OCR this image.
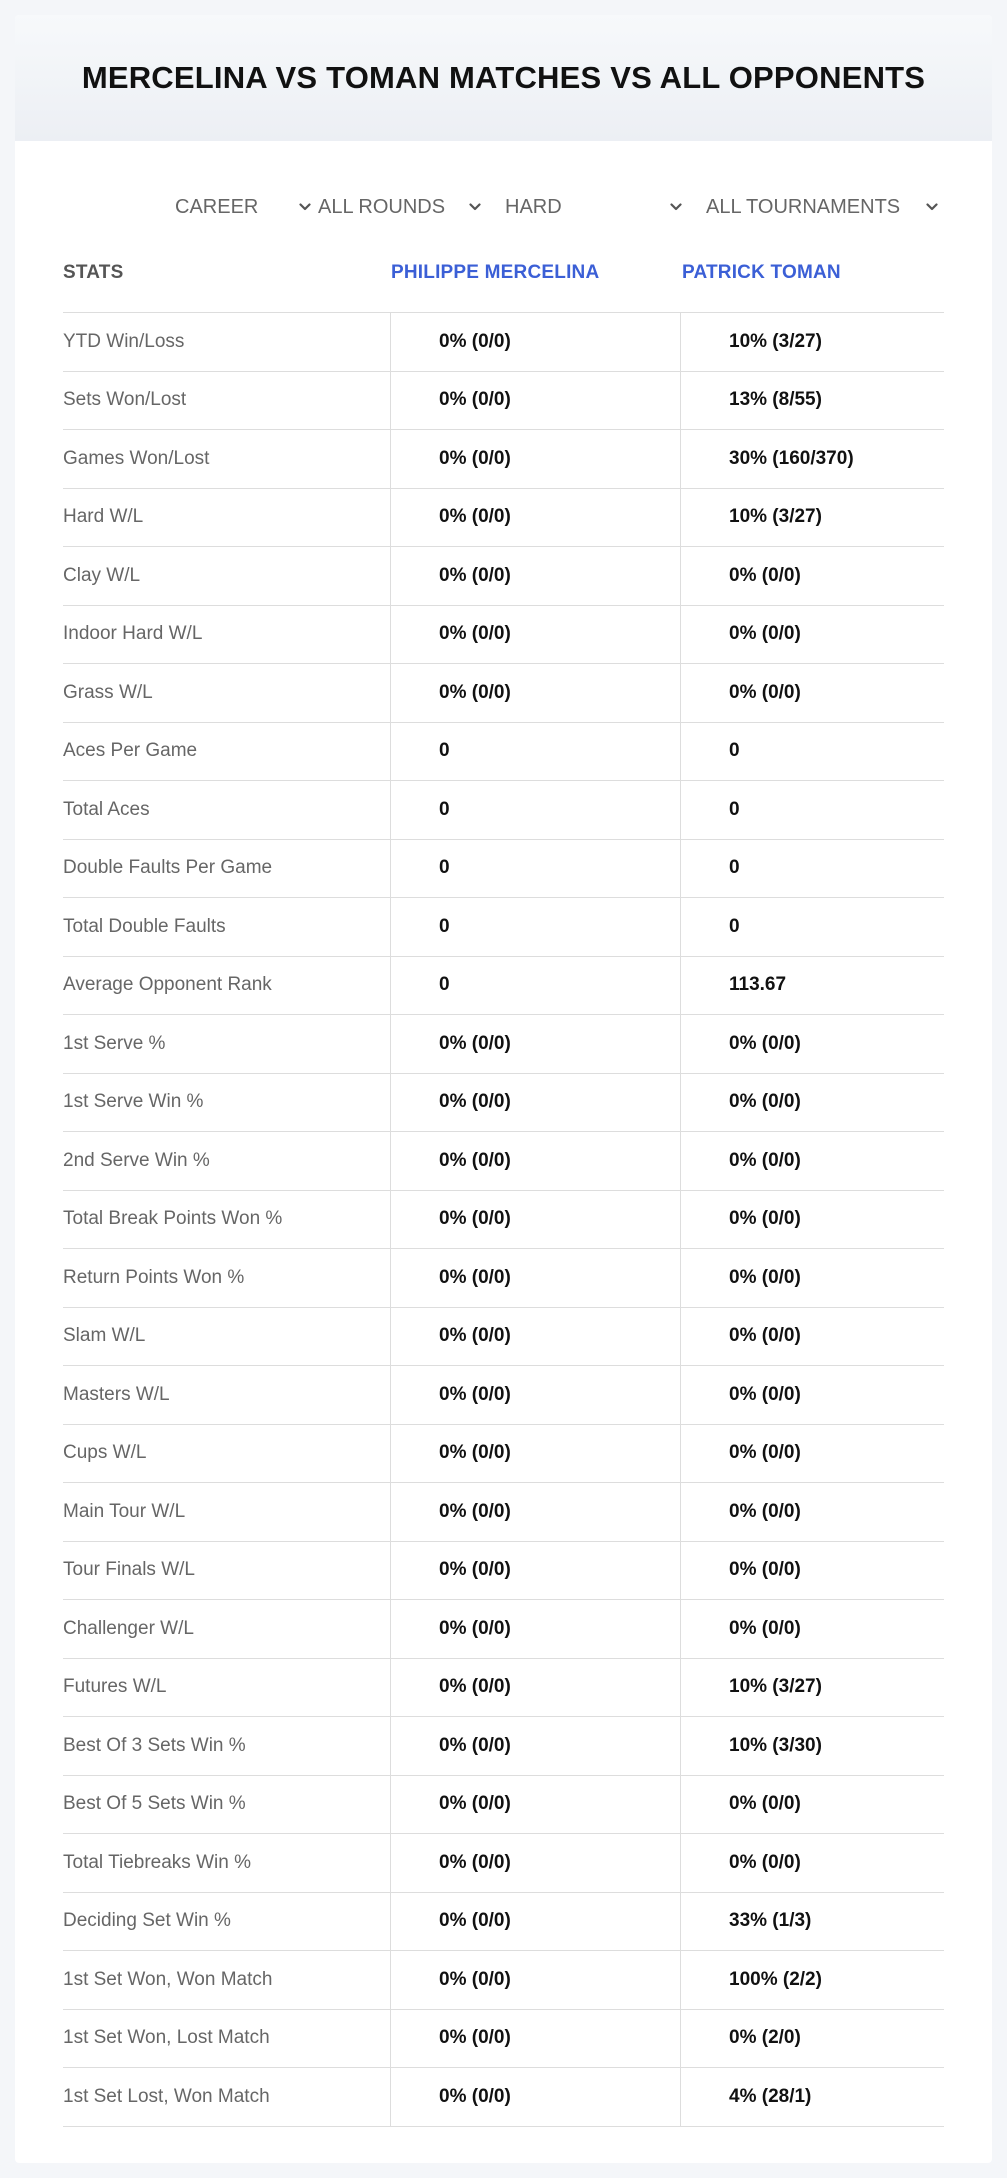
MERCELINA VS TOMAN MATCHES VS ALL OPPONENTS
CAREER	ALL ROUNDS	HARD	ALL TOURNAMENTS
STATS	PHILIPPE MERCELINA	PATRICK TOMAN
YTD Win/Loss	0% (0/0)	10% (3/27)
Sets Won/Lost	0% (0/0)	13% (8/55)
Games Won/Lost	0% (0/0)	30% (160/370)
Hard W/L	0% (0/0)	10% (3/27)
Clay W/L	0% (0/0)	0% (0/0)
Indoor Hard W/L	0% (0/0)	0% (0/0)
Grass W/L	0% (0/0)	0% (0/0)
Aces Per Game	0	0
Total Aces	0	0
Double Faults Per Game	0	0
Total Double Faults	0	0
Average Opponent Rank	0	113.67
1st Serve %	0% (0/0)	0% (0/0)
1st Serve Win %	0% (0/0)	0% (0/0)
2nd Serve Win %	0% (0/0)	0% (0/0)
Total Break Points Won %	0% (0/0)	0% (0/0)
Return Points Won %	0% (0/0)	0% (0/0)
Slam W/L	0% (0/0)	0% (0/0)
Masters W/L	0% (0/0)	0% (0/0)
Cups W/L	0% (0/0)	0% (0/0)
Main Tour W/L	0% (0/0)	0% (0/0)
Tour Finals W/L	0% (0/0)	0% (0/0)
Challenger W/L	0% (0/0)	0% (0/0)
Futures W/L	0% (0/0)	10% (3/27)
Best Of 3 Sets Win %	0% (0/0)	10% (3/30)
Best Of 5 Sets Win %	0% (0/0)	0% (0/0)
Total Tiebreaks Win %	0% (0/0)	0% (0/0)
Deciding Set Win %	0% (0/0)	33% (1/3)
1st Set Won, Won Match	0% (0/0)	100% (2/2)
1st Set Won, Lost Match	0% (0/0)	0% (2/0)
1st Set Lost, Won Match	0% (0/0)	4% (28/1)
